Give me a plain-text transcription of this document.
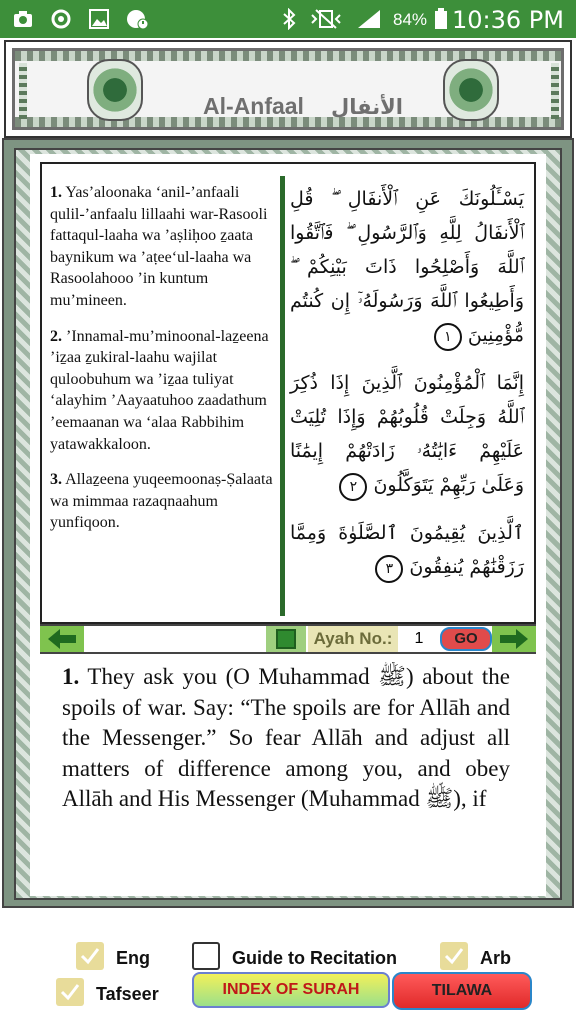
84% 10:36 PM
Al-Anfaal الأنفال

1. Yas’aloonaka ‘anil-’anfaali qulil-’anfaalu lillaahi war-Rasooli fattaqul-laaha wa ’aṣliḥoo ẕaata baynikum wa ’aṭee‘ul-laaha wa Rasoolahooo ’in kuntum mu’mineen.

2. ’Innamal-mu’minoonal-laẕeena ’iẕaa ẕukiral-laahu wajilat quloobuhum wa ’iẕaa tuliyat ‘alayhim ’Aayaatuhoo zaadathum ’eemaanan wa ‘alaa Rabbihim yatawakkaloon.

3. Allaẕeena yuqeemoonaṣ-Ṣalaata wa mimmaa razaqnaahum yunfiqoon.

يَسْـَٔلُونَكَ عَنِ ٱلْأَنفَالِ ۖ قُلِ ٱلْأَنفَالُ لِلَّهِ وَٱلرَّسُولِ ۖ فَٱتَّقُوا ٱللَّهَ وَأَصْلِحُوا ذَاتَ بَيْنِكُمْ ۖ وَأَطِيعُوا ٱللَّهَ وَرَسُولَهُۥٓ إِن كُنتُم مُّؤْمِنِينَ ١
إِنَّمَا ٱلْمُؤْمِنُونَ ٱلَّذِينَ إِذَا ذُكِرَ ٱللَّهُ وَجِلَتْ قُلُوبُهُمْ وَإِذَا تُلِيَتْ عَلَيْهِمْ ءَايَٰتُهُۥ زَادَتْهُمْ إِيمَٰنًا وَعَلَىٰ رَبِّهِمْ يَتَوَكَّلُونَ ٢
ٱلَّذِينَ يُقِيمُونَ ٱلصَّلَوٰةَ وَمِمَّا رَزَقْنَٰهُمْ يُنفِقُونَ ٣
Ayah No.:
1	GO
1. They ask you (O Muhammad ﷺ) about the spoils of war. Say: “The spoils are for Allāh and the Messenger.” So fear Allāh and adjust all matters of difference among you, and obey Allāh and His Messenger (Muhammad ﷺ), if
Eng	Guide to Recitation	Arb
Tafseer	INDEX OF SURAH	TILAWA
